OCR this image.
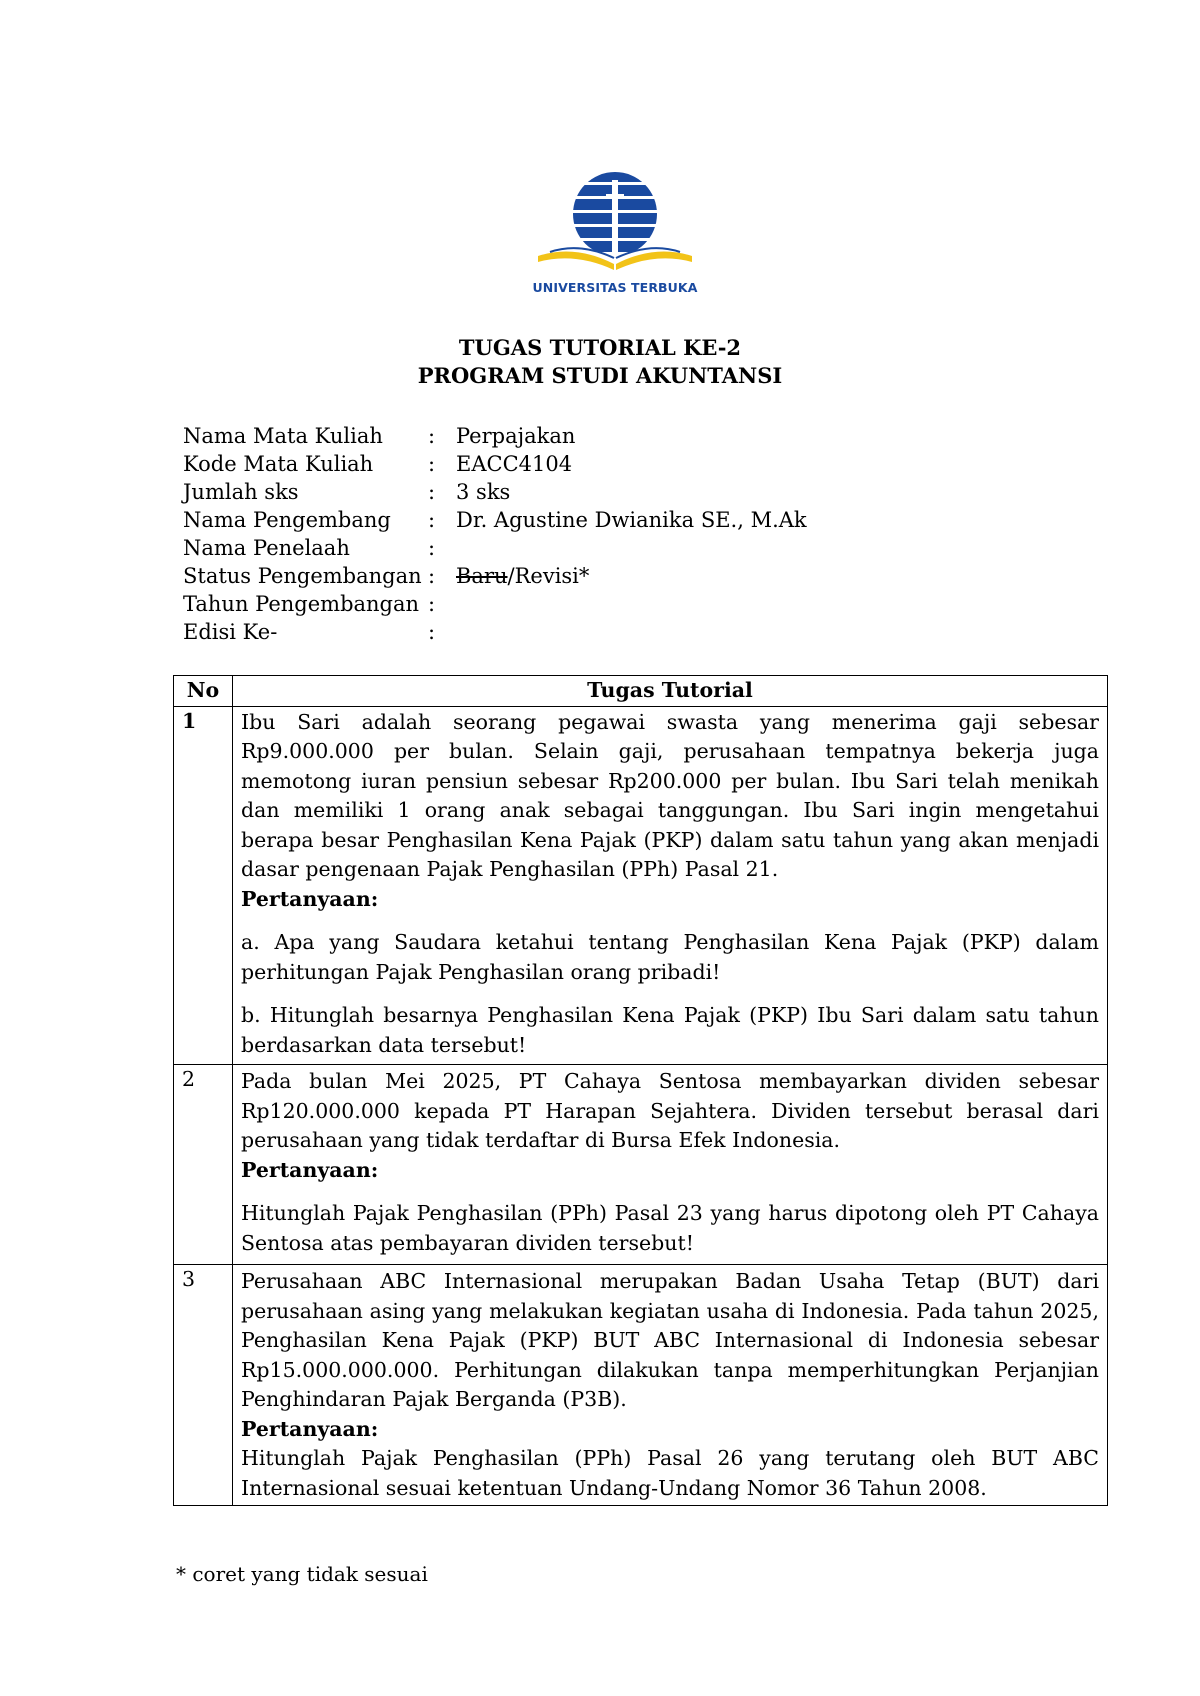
UNIVERSITAS TERBUKA
TUGAS TUTORIAL KE-2
PROGRAM STUDI AKUNTANSI
Nama Mata Kuliah	: Perpajakan
Kode Mata Kuliah	: EACC4104
Jumlah sks	: 3 sks
Nama Pengembang	: Dr. Agustine Dwianika SE., M.Ak
Nama Penelaah	:
Status Pengembangan : Baru/Revisi*
Tahun Pengembangan :
Edisi Ke-	:
No	Tugas Tutorial
1	Ibu Sari adalah seorang pegawai swasta yang menerima gaji sebesar Rp9.000.000 per bulan. Selain gaji, perusahaan tempatnya bekerja juga memotong iuran pensiun sebesar Rp200.000 per bulan. Ibu Sari telah menikah dan memiliki 1 orang anak sebagai tanggungan. Ibu Sari ingin mengetahui berapa besar Penghasilan Kena Pajak (PKP) dalam satu tahun yang akan menjadi dasar pengenaan Pajak Penghasilan (PPh) Pasal 21.

Pertanyaan:

a. Apa yang Saudara ketahui tentang Penghasilan Kena Pajak (PKP) dalam perhitungan Pajak Penghasilan orang pribadi!

b. Hitunglah besarnya Penghasilan Kena Pajak (PKP) Ibu Sari dalam satu tahun berdasarkan data tersebut!

2	Pada bulan Mei 2025, PT Cahaya Sentosa membayarkan dividen sebesar Rp120.000.000 kepada PT Harapan Sejahtera. Dividen tersebut berasal dari perusahaan yang tidak terdaftar di Bursa Efek Indonesia.

Pertanyaan:

Hitunglah Pajak Penghasilan (PPh) Pasal 23 yang harus dipotong oleh PT Cahaya Sentosa atas pembayaran dividen tersebut!

3	Perusahaan ABC Internasional merupakan Badan Usaha Tetap (BUT) dari perusahaan asing yang melakukan kegiatan usaha di Indonesia. Pada tahun 2025, Penghasilan Kena Pajak (PKP) BUT ABC Internasional di Indonesia sebesar Rp15.000.000.000. Perhitungan dilakukan tanpa memperhitungkan Perjanjian Penghindaran Pajak Berganda (P3B).

Pertanyaan:

Hitunglah Pajak Penghasilan (PPh) Pasal 26 yang terutang oleh BUT ABC Internasional sesuai ketentuan Undang-Undang Nomor 36 Tahun 2008.

* coret yang tidak sesuai
